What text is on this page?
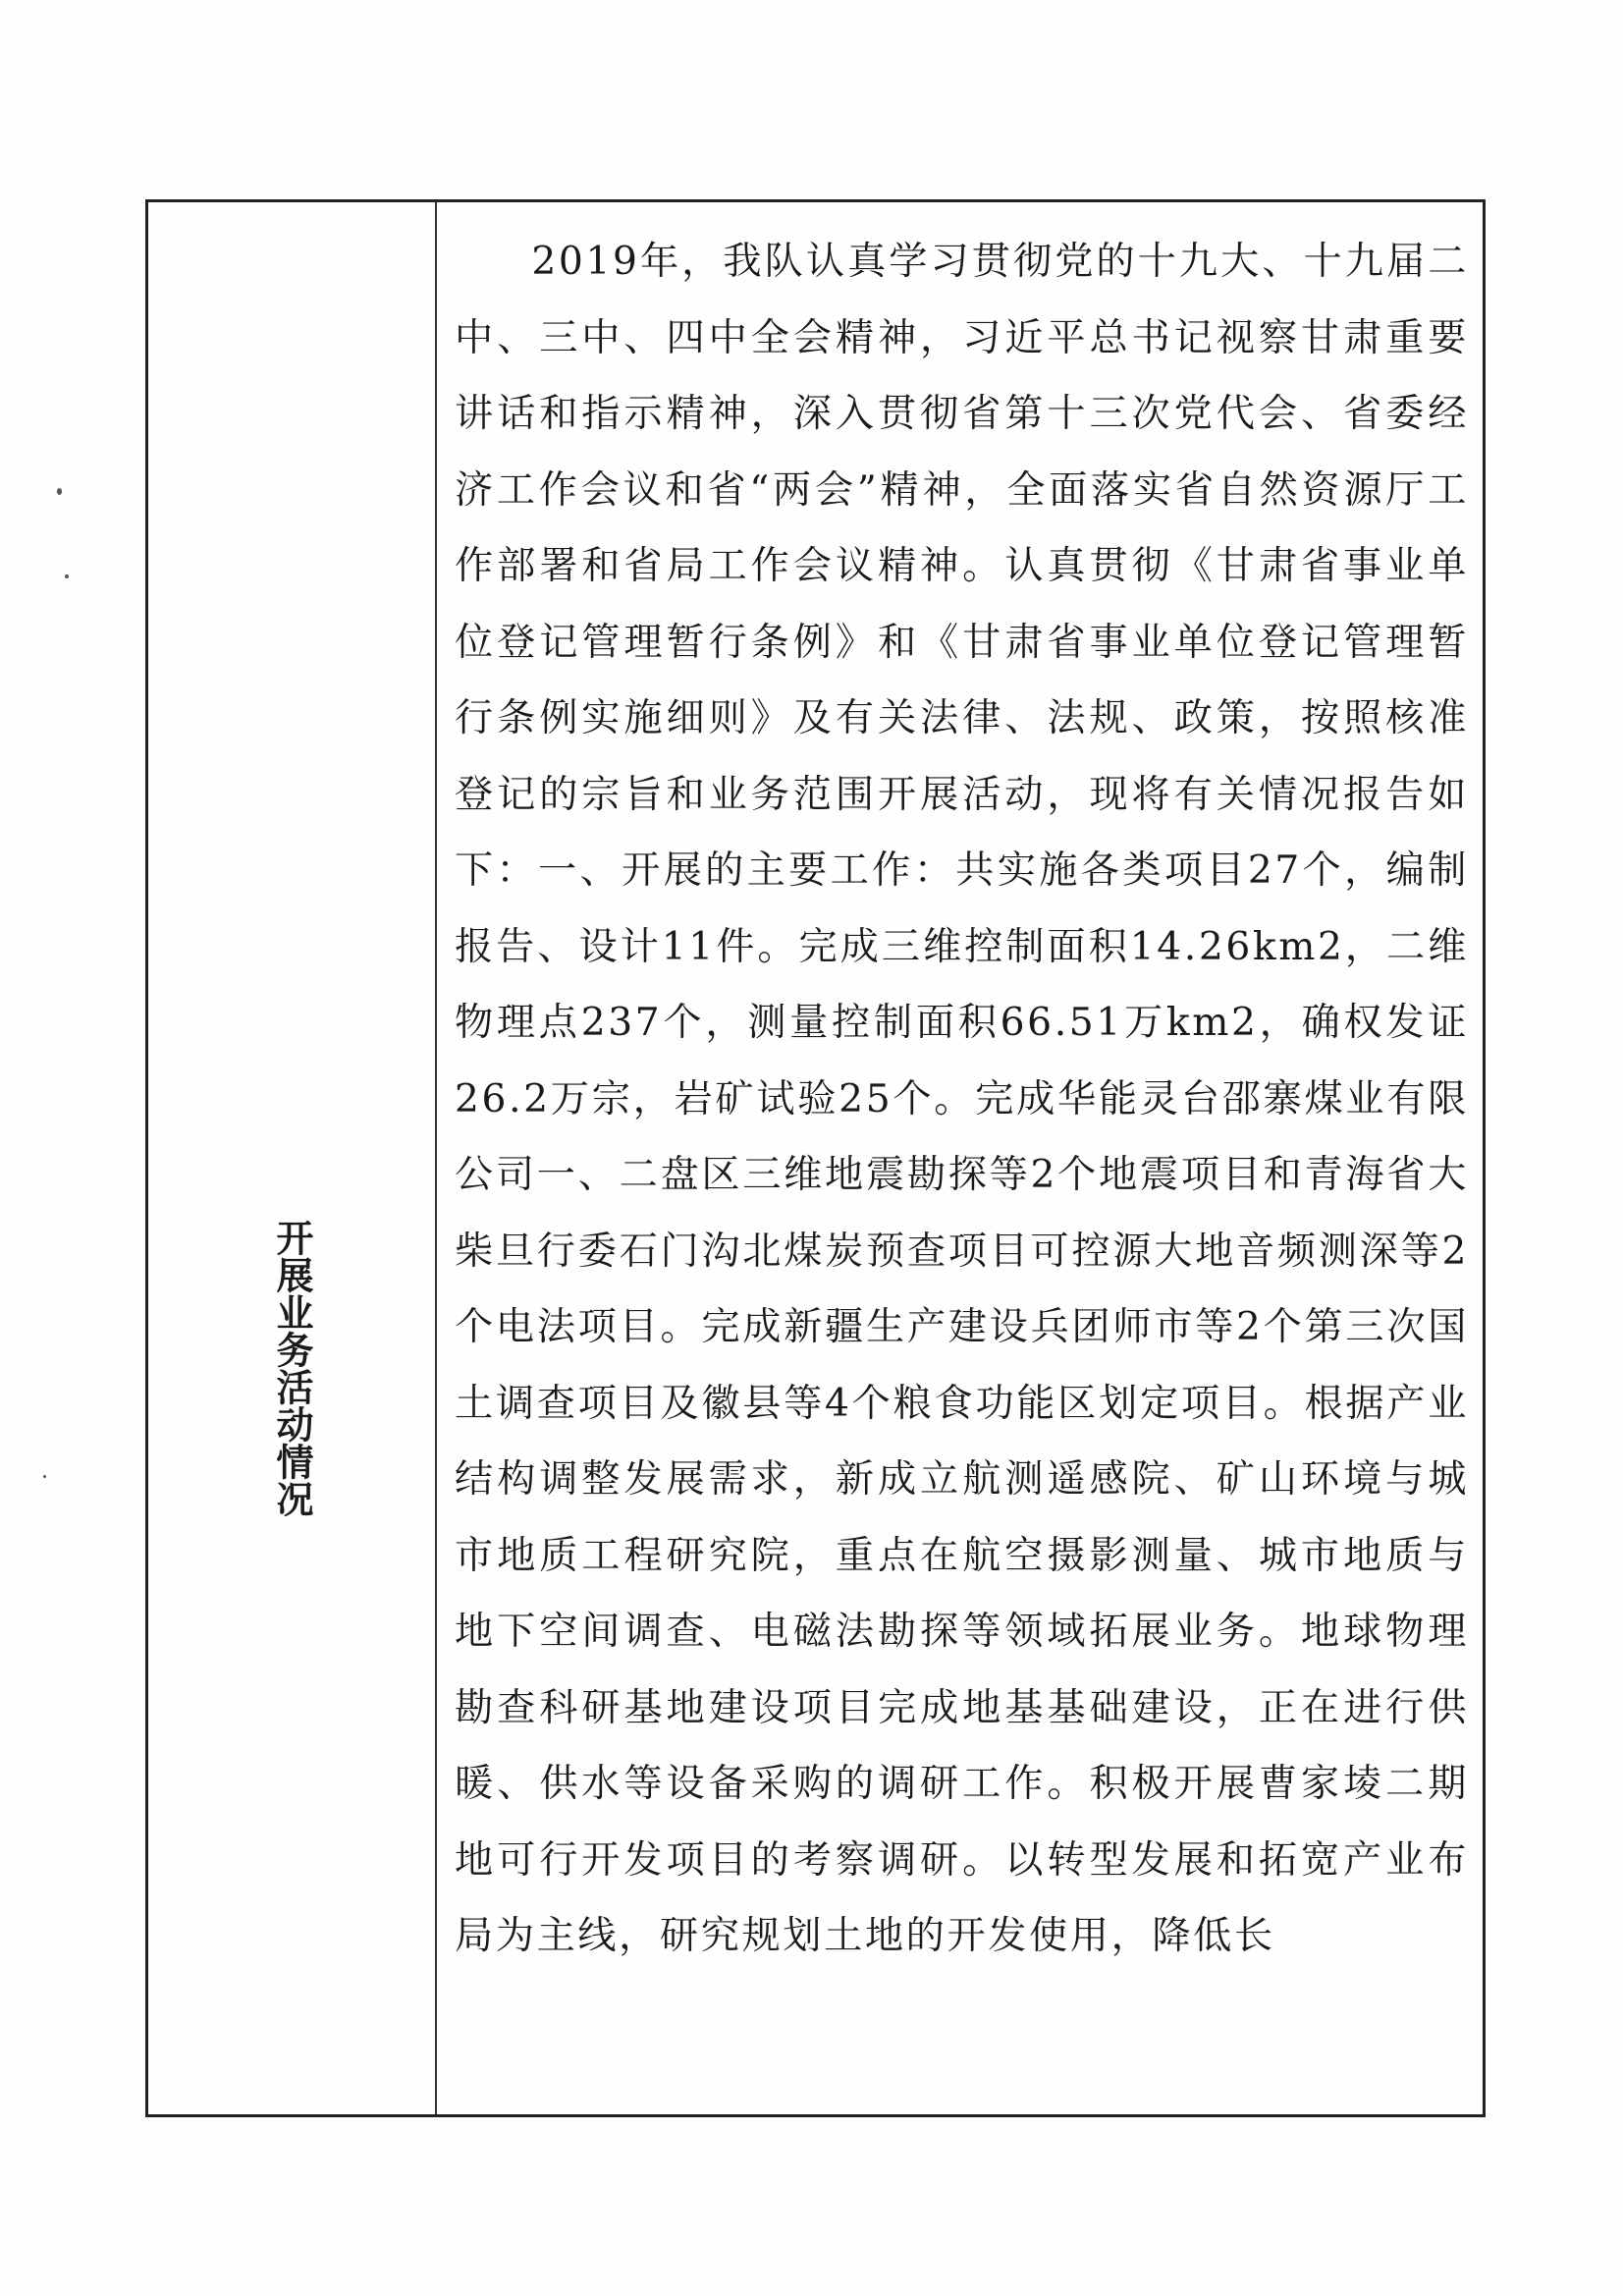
开展业务活动情况

2019年，我队认真学习贯彻党的十九大、十九届二中、三中、四中全会精神，习近平总书记视察甘肃重要讲话和指示精神，深入贯彻省第十三次党代会、省委经济工作会议和省“两会”精神，全面落实省自然资源厅工作部署和省局工作会议精神。认真贯彻《甘肃省事业单位登记管理暂行条例》和《甘肃省事业单位登记管理暂行条例实施细则》及有关法律、法规、政策，按照核准登记的宗旨和业务范围开展活动，现将有关情况报告如下：一、开展的主要工作：共实施各类项目27个，编制报告、设计11件。完成三维控制面积14.26km2，二维物理点237个，测量控制面积66.51万km2，确权发证26.2万宗，岩矿试验25个。完成华能灵台邵寨煤业有限公司一、二盘区三维地震勘探等2个地震项目和青海省大柴旦行委石门沟北煤炭预查项目可控源大地音频测深等2个电法项目。完成新疆生产建设兵团师市等2个第三次国土调查项目及徽县等4个粮食功能区划定项目。根据产业结构调整发展需求，新成立航测遥感院、矿山环境与城市地质工程研究院，重点在航空摄影测量、城市地质与地下空间调查、电磁法勘探等领域拓展业务。地球物理勘查科研基地建设项目完成地基基础建设，正在进行供暖、供水等设备采购的调研工作。积极开展曹家堎二期地可行开发项目的考察调研。以转型发展和拓宽产业布局为主线，研究规划土地的开发使用，降低长
